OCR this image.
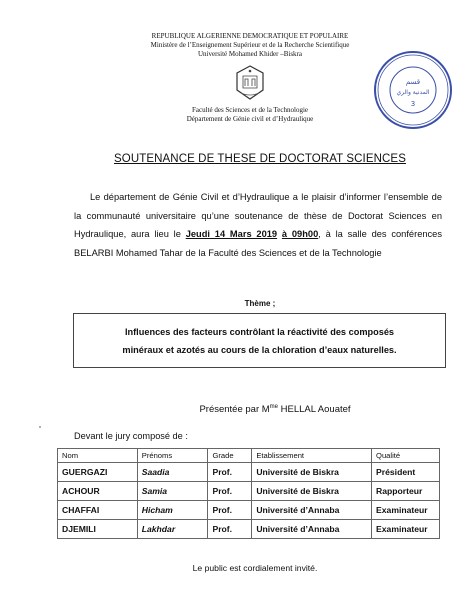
REPUBLIQUE ALGERIENNE DEMOCRATIQUE ET POPULAIRE
Ministère de l’Enseignement Supérieur et de la Recherche Scientifique
Université Mohamed Khider –Biskra
Faculté des Sciences et de la Technologie
Département de Génie civil et d’Hydraulique
قسم
المدنية والري
3
SOUTENANCE DE THESE DE DOCTORAT SCIENCES
Le département de Génie Civil et d’Hydraulique a le plaisir d’informer l’ensemble de la communauté universitaire qu’une soutenance de thèse de Doctorat Sciences en Hydraulique, aura lieu le Jeudi 14 Mars 2019 à 09h00, à la salle des conférences BELARBI Mohamed Tahar de la Faculté des Sciences et de la Technologie
Thème ;
Influences des facteurs contrôlant la réactivité des composés
minéraux et azotés au cours de la chloration d’eaux naturelles.
Présentée par $M^{me}$ HELLAL Aouatef
Devant le jury composé de :
Nom	Prénoms	Grade	Etablissement	Qualité
GUERGAZI	Saadia	Prof.	Université de Biskra	Président
ACHOUR	Samia	Prof.	Université de Biskra	Rapporteur
CHAFFAI	Hicham	Prof.	Université d’Annaba	Examinateur
DJEMILI	Lakhdar	Prof.	Université d’Annaba	Examinateur
Le public est cordialement invité.
